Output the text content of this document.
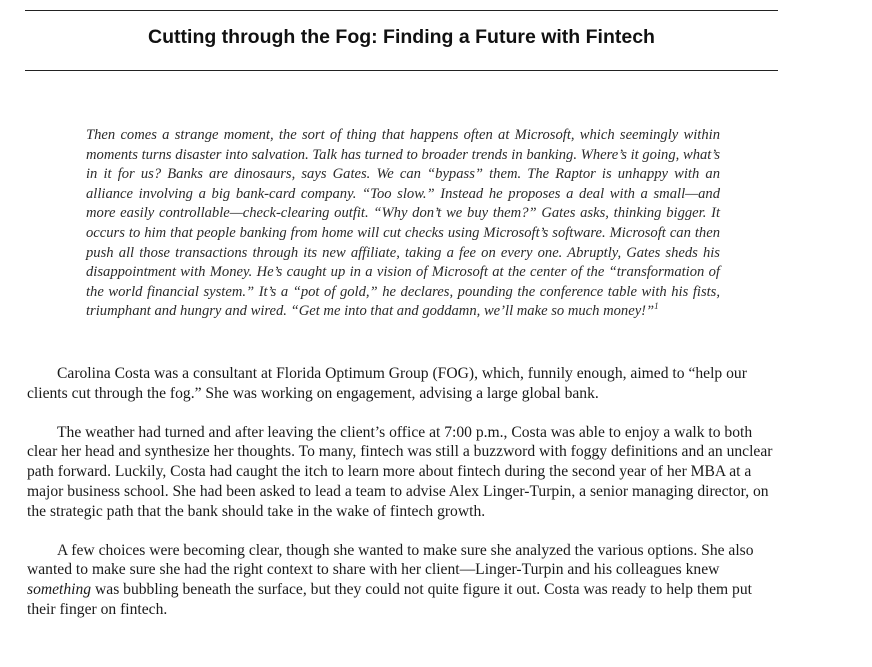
Cutting through the Fog: Finding a Future with Fintech
Then comes a strange moment, the sort of thing that happens often at Microsoft, which seemingly within moments turns disaster into salvation. Talk has turned to broader trends in banking. Where’s it going, what’s in it for us? Banks are dinosaurs, says Gates. We can “bypass” them. The Raptor is unhappy with an alliance involving a big bank-card company. “Too slow.” Instead he proposes a deal with a small—and more easily controllable—check-clearing outfit. “Why don’t we buy them?” Gates asks, thinking bigger. It occurs to him that people banking from home will cut checks using Microsoft’s software. Microsoft can then push all those transactions through its new affiliate, taking a fee on every one. Abruptly, Gates sheds his disappointment with Money. He’s caught up in a vision of Microsoft at the center of the “transformation of the world financial system.” It’s a “pot of gold,” he declares, pounding the conference table with his fists, triumphant and hungry and wired. “Get me into that and goddamn, we’ll make so much money!”$^1$

Carolina Costa was a consultant at Florida Optimum Group (FOG), which, funnily enough, aimed to “help our clients cut through the fog.” She was working on engagement, advising a large global bank.

The weather had turned and after leaving the client’s office at 7:00 p.m., Costa was able to enjoy a walk to both clear her head and synthesize her thoughts. To many, fintech was still a buzzword with foggy definitions and an unclear path forward. Luckily, Costa had caught the itch to learn more about fintech during the second year of her MBA at a major business school. She had been asked to lead a team to advise Alex Linger-Turpin, a senior managing director, on the strategic path that the bank should take in the wake of fintech growth.

A few choices were becoming clear, though she wanted to make sure she analyzed the various options. She also wanted to make sure she had the right context to share with her client—Linger-Turpin and his colleagues knew something was bubbling beneath the surface, but they could not quite figure it out. Costa was ready to help them put their finger on fintech.
